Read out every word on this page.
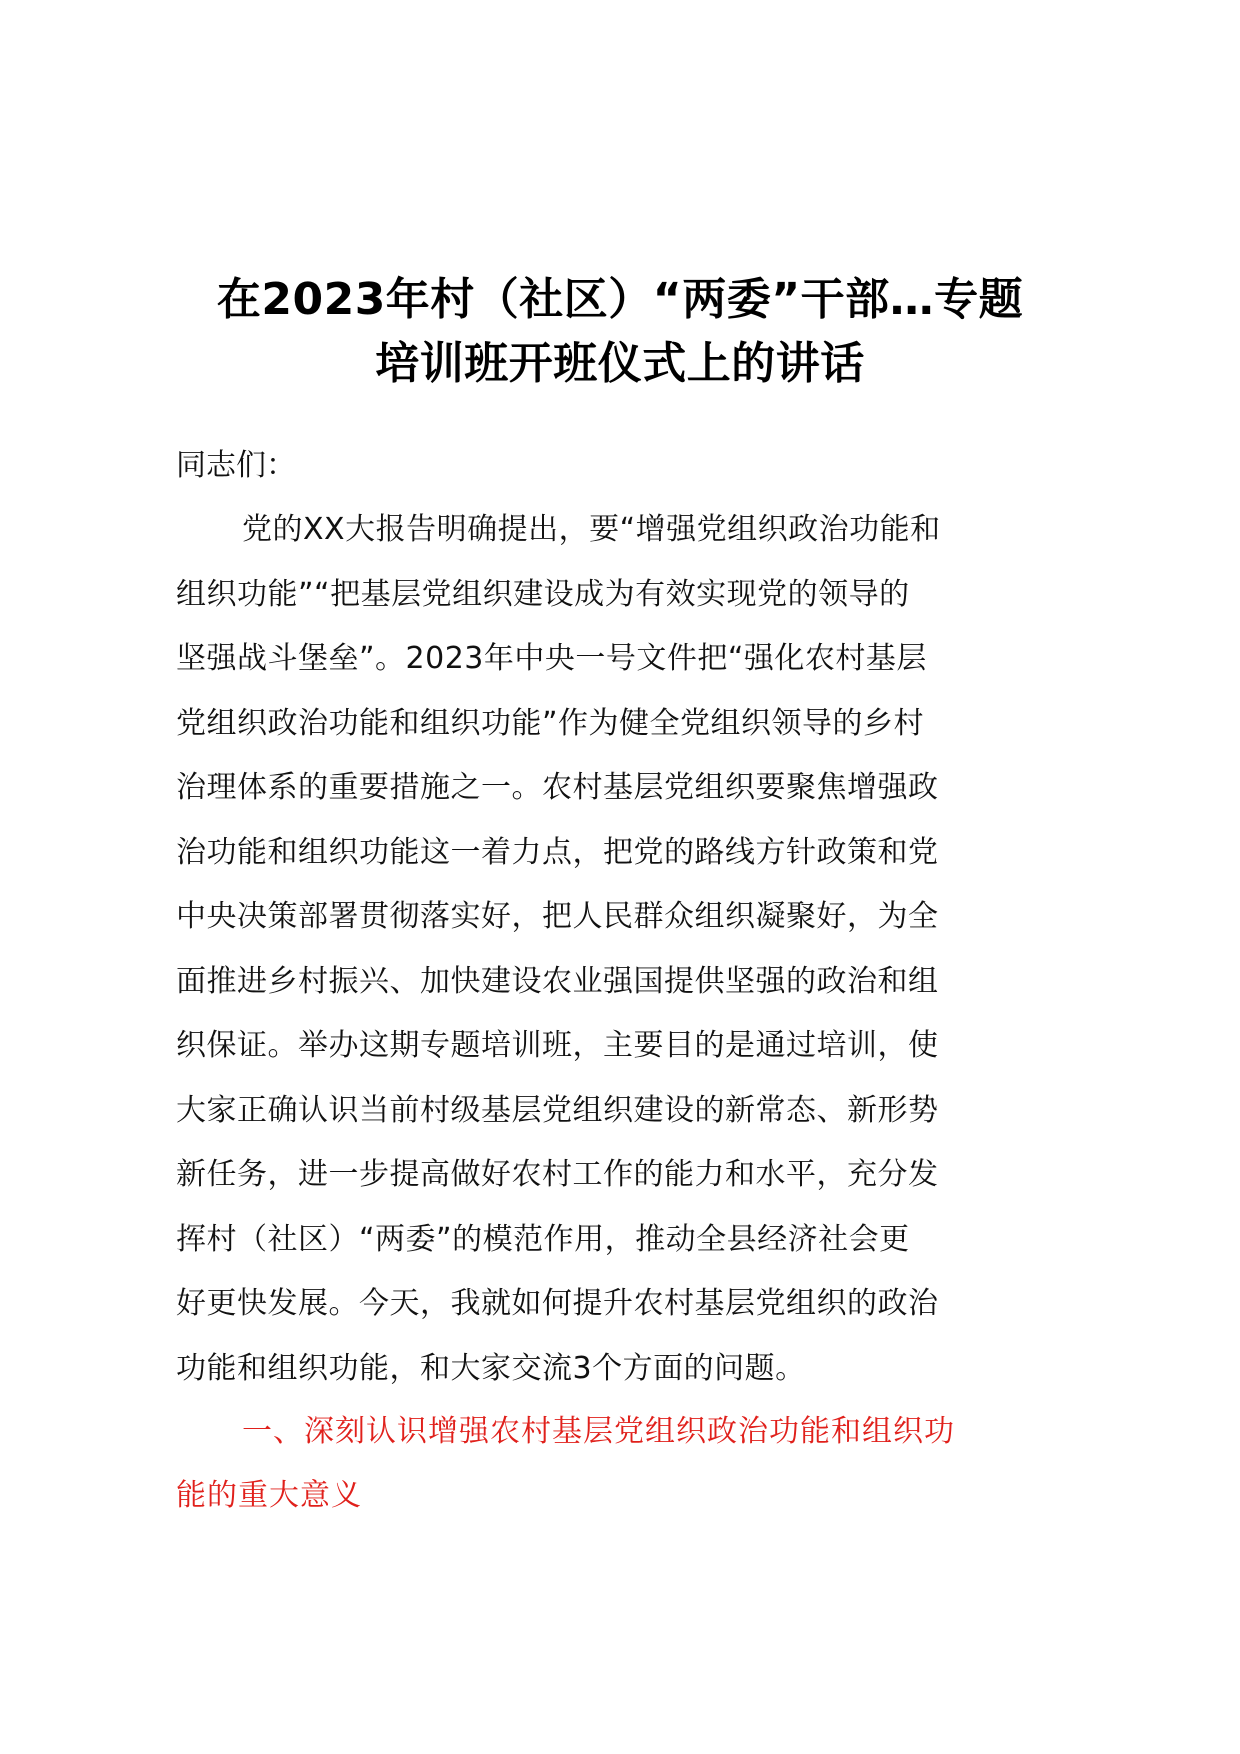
在2023年村（社区）“两委”干部…专题
培训班开班仪式上的讲话
同志们：
党的XX大报告明确提出，要“增强党组织政治功能和
组织功能”“把基层党组织建设成为有效实现党的领导的
坚强战斗堡垒”。2023年中央一号文件把“强化农村基层
党组织政治功能和组织功能”作为健全党组织领导的乡村
治理体系的重要措施之一。农村基层党组织要聚焦增强政
治功能和组织功能这一着力点，把党的路线方针政策和党
中央决策部署贯彻落实好，把人民群众组织凝聚好，为全
面推进乡村振兴、加快建设农业强国提供坚强的政治和组
织保证。举办这期专题培训班，主要目的是通过培训，使
大家正确认识当前村级基层党组织建设的新常态、新形势
新任务，进一步提高做好农村工作的能力和水平，充分发
挥村（社区）“两委”的模范作用，推动全县经济社会更
好更快发展。今天，我就如何提升农村基层党组织的政治
功能和组织功能，和大家交流3个方面的问题。
一、深刻认识增强农村基层党组织政治功能和组织功
能的重大意义
